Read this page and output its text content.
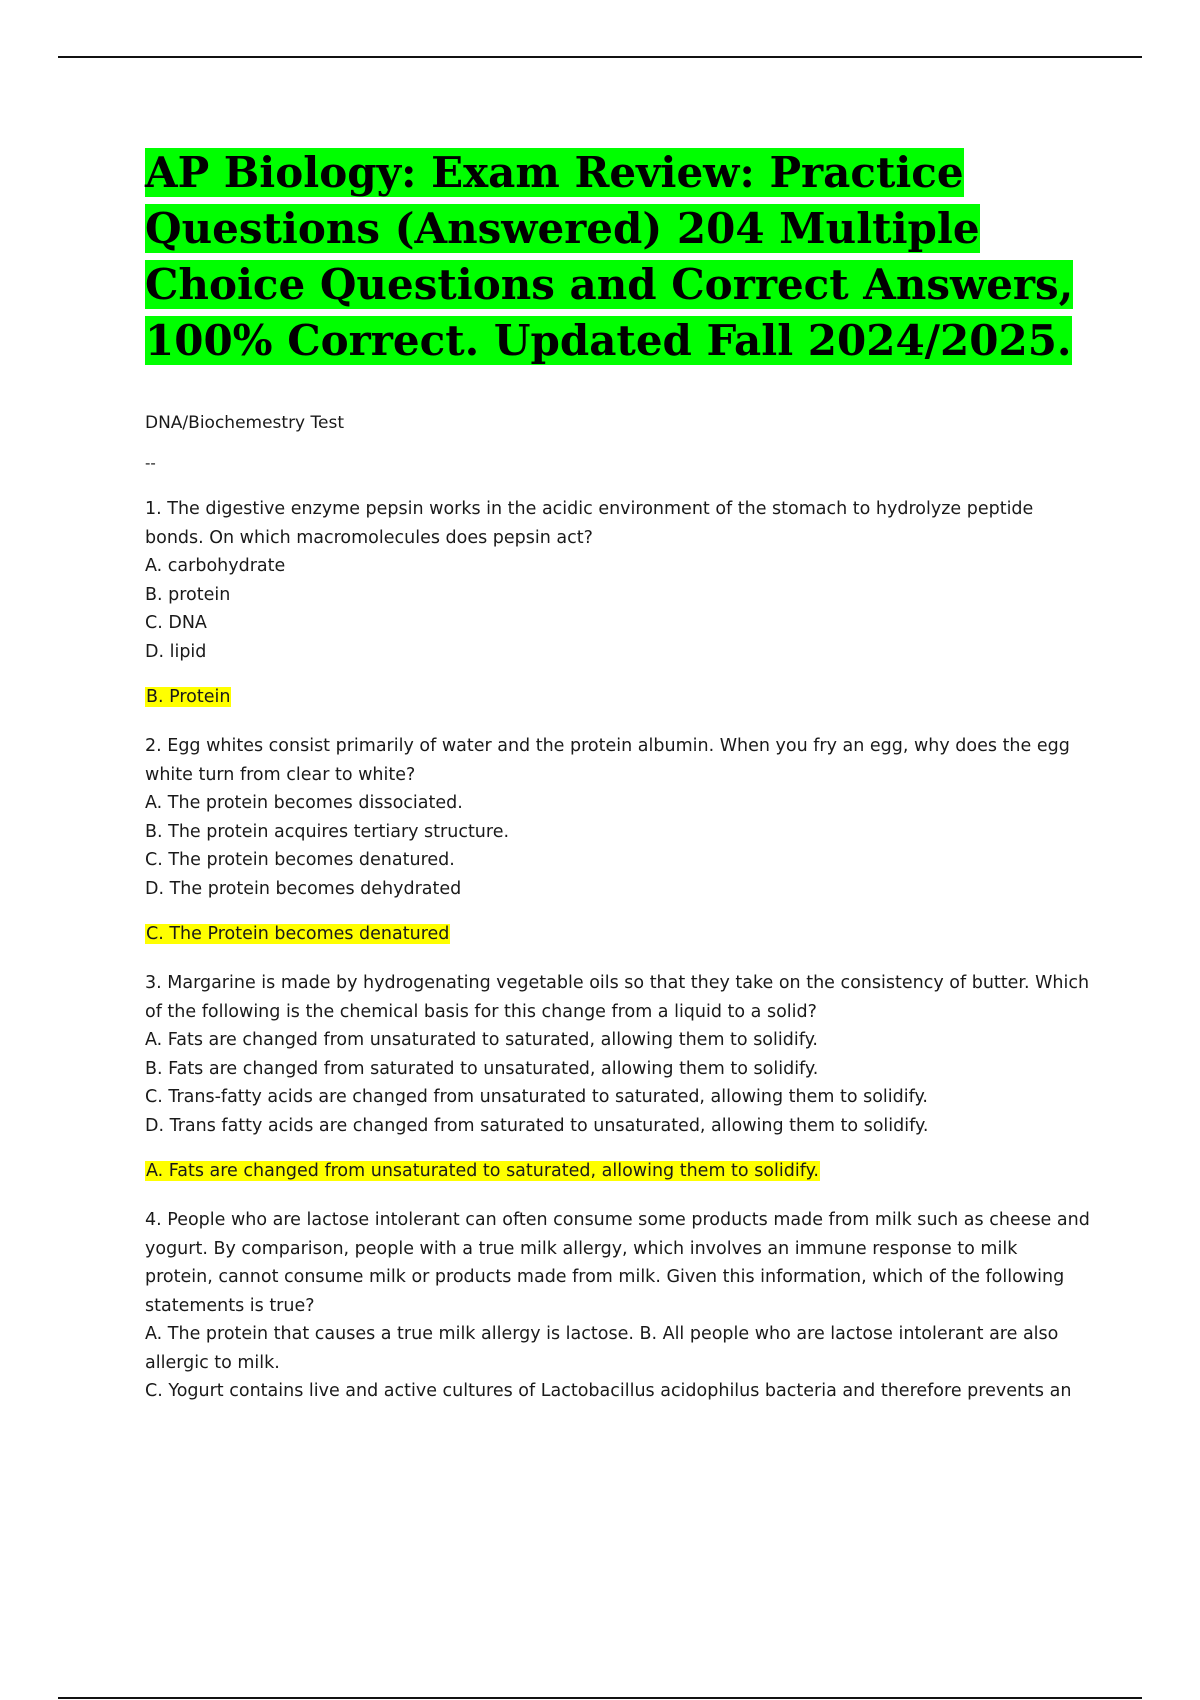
AP Biology: Exam Review: Practice Questions (Answered) 204 Multiple Choice Questions and Correct Answers, 100% Correct. Updated Fall 2024/2025.
DNA/Biochemestry Test
--

1. The digestive enzyme pepsin works in the acidic environment of the stomach to hydrolyze peptide bonds. On which macromolecules does pepsin act?

A. carbohydrate

B. protein

C. DNA

D. lipid

B. Protein

2. Egg whites consist primarily of water and the protein albumin. When you fry an egg, why does the egg white turn from clear to white?

A. The protein becomes dissociated.

B. The protein acquires tertiary structure.

C. The protein becomes denatured.

D. The protein becomes dehydrated

C. The Protein becomes denatured

3. Margarine is made by hydrogenating vegetable oils so that they take on the consistency of butter. Which of the following is the chemical basis for this change from a liquid to a solid?

A. Fats are changed from unsaturated to saturated, allowing them to solidify.

B. Fats are changed from saturated to unsaturated, allowing them to solidify.

C. Trans-fatty acids are changed from unsaturated to saturated, allowing them to solidify.

D. Trans fatty acids are changed from saturated to unsaturated, allowing them to solidify.

A. Fats are changed from unsaturated to saturated, allowing them to solidify.

4. People who are lactose intolerant can often consume some products made from milk such as cheese and yogurt. By comparison, people with a true milk allergy, which involves an immune response to milk protein, cannot consume milk or products made from milk. Given this information, which of the following statements is true?

A. The protein that causes a true milk allergy is lactose. B. All people who are lactose intolerant are also allergic to milk.

C. Yogurt contains live and active cultures of Lactobacillus acidophilus bacteria and therefore prevents an
